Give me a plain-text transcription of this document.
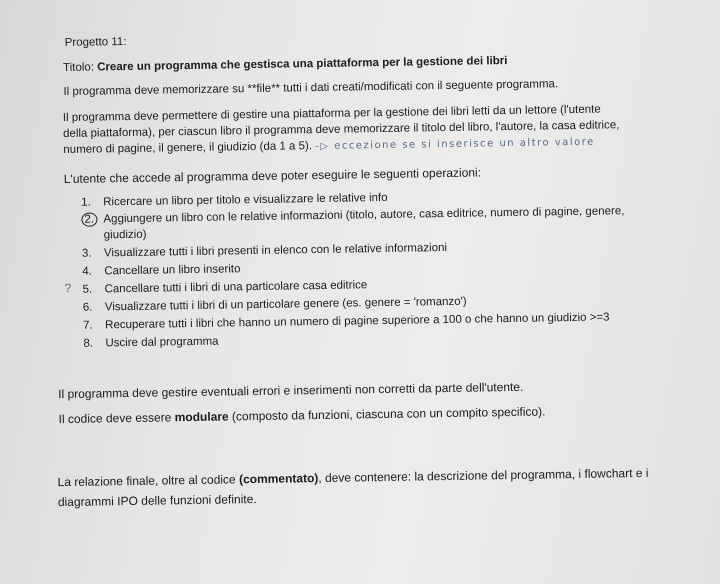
Progetto 11:
Titolo: Creare un programma che gestisca una piattaforma per la gestione dei libri
Il programma deve memorizzare su **file** tutti i dati creati/modificati con il seguente programma.
Il programma deve permettere di gestire una piattaforma per la gestione dei libri letti da un lettore (l'utente
della piattaforma), per ciascun libro il programma deve memorizzare il titolo del libro, l'autore, la casa editrice,
numero di pagine, il genere, il giudizio (da 1 a 5). -▷ eccezione se si inserisce un altro valore
L'utente che accede al programma deve poter eseguire le seguenti operazioni:
1. Ricercare un libro per titolo e visualizzare le relative info
2. Aggiungere un libro con le relative informazioni (titolo, autore, casa editrice, numero di pagine, genere,
giudizio)
3. Visualizzare tutti i libri presenti in elenco con le relative informazioni
4. Cancellare un libro inserito
5. Cancellare tutti i libri di una particolare casa editrice
6. Visualizzare tutti i libri di un particolare genere (es. genere = 'romanzo')
7. Recuperare tutti i libri che hanno un numero di pagine superiore a 100 o che hanno un giudizio >=3
8. Uscire dal programma
?
Il programma deve gestire eventuali errori e inserimenti non corretti da parte dell'utente.
Il codice deve essere modulare (composto da funzioni, ciascuna con un compito specifico).
La relazione finale, oltre al codice (commentato), deve contenere: la descrizione del programma, i flowchart e i
diagrammi IPO delle funzioni definite.
